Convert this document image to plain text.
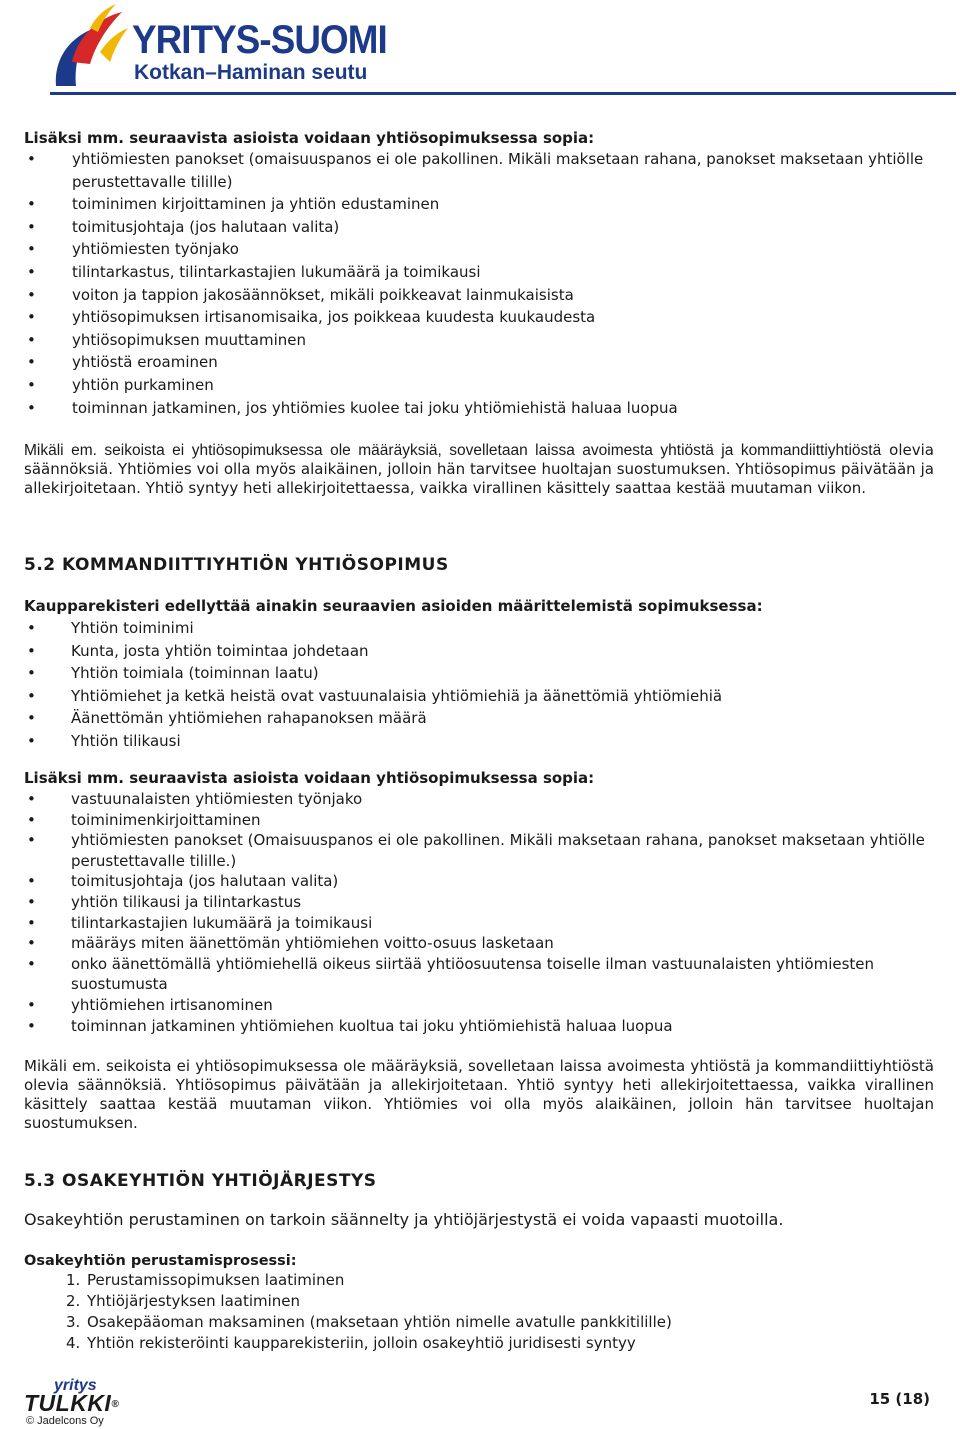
YRITYS-SUOMI
Kotkan–Haminan seutu

Lisäksi mm. seuraavista asioista voidaan yhtiösopimuksessa sopia:

• yhtiömiesten panokset (omaisuuspanos ei ole pakollinen. Mikäli maksetaan rahana, panokset maksetaan yhtiölle perustettavalle tilille)
• toiminimen kirjoittaminen ja yhtiön edustaminen
• toimitusjohtaja (jos halutaan valita)
• yhtiömiesten työnjako
• tilintarkastus, tilintarkastajien lukumäärä ja toimikausi
• voiton ja tappion jakosäännökset, mikäli poikkeavat lainmukaisista
• yhtiösopimuksen irtisanomisaika, jos poikkeaa kuudesta kuukaudesta
• yhtiösopimuksen muuttaminen
• yhtiöstä eroaminen
• yhtiön purkaminen
• toiminnan jatkaminen, jos yhtiömies kuolee tai joku yhtiömiehistä haluaa luopua

Mikäli em. seikoista ei yhtiösopimuksessa ole määräyksiä, sovelletaan laissa avoimesta yhtiöstä ja kommandiittiyhtiöstä olevia säännöksiä. Yhtiömies voi olla myös alaikäinen, jolloin hän tarvitsee huoltajan suostumuksen. Yhtiösopimus päivätään ja allekirjoitetaan. Yhtiö syntyy heti allekirjoitettaessa, vaikka virallinen käsittely saattaa kestää muutaman viikon.

5.2 KOMMANDIITTIYHTIÖN YHTIÖSOPIMUS

Kaupparekisteri edellyttää ainakin seuraavien asioiden määrittelemistä sopimuksessa:

• Yhtiön toiminimi
• Kunta, josta yhtiön toimintaa johdetaan
• Yhtiön toimiala (toiminnan laatu)
• Yhtiömiehet ja ketkä heistä ovat vastuunalaisia yhtiömiehiä ja äänettömiä yhtiömiehiä
• Äänettömän yhtiömiehen rahapanoksen määrä
• Yhtiön tilikausi

Lisäksi mm. seuraavista asioista voidaan yhtiösopimuksessa sopia:

• vastuunalaisten yhtiömiesten työnjako
• toiminimenkirjoittaminen
• yhtiömiesten panokset (Omaisuuspanos ei ole pakollinen. Mikäli maksetaan rahana, panokset maksetaan yhtiölle perustettavalle tilille.)
• toimitusjohtaja (jos halutaan valita)
• yhtiön tilikausi ja tilintarkastus
• tilintarkastajien lukumäärä ja toimikausi
• määräys miten äänettömän yhtiömiehen voitto-osuus lasketaan
• onko äänettömällä yhtiömiehellä oikeus siirtää yhtiöosuutensa toiselle ilman vastuunalaisten yhtiömiesten suostumusta
• yhtiömiehen irtisanominen
• toiminnan jatkaminen yhtiömiehen kuoltua tai joku yhtiömiehistä haluaa luopua

Mikäli em. seikoista ei yhtiösopimuksessa ole määräyksiä, sovelletaan laissa avoimesta yhtiöstä ja kommandiittiyhtiöstä olevia säännöksiä. Yhtiösopimus päivätään ja allekirjoitetaan. Yhtiö syntyy heti allekirjoitettaessa, vaikka virallinen käsittely saattaa kestää muutaman viikon. Yhtiömies voi olla myös alaikäinen, jolloin hän tarvitsee huoltajan suostumuksen.

5.3 OSAKEYHTIÖN YHTIÖJÄRJESTYS

Osakeyhtiön perustaminen on tarkoin säännelty ja yhtiöjärjestystä ei voida vapaasti muotoilla.

Osakeyhtiön perustamisprosessi:

1. Perustamissopimuksen laatiminen
2. Yhtiöjärjestyksen laatiminen
3. Osakepääoman maksaminen (maksetaan yhtiön nimelle avatulle pankkitilille)
4. Yhtiön rekisteröinti kaupparekisteriin, jolloin osakeyhtiö juridisesti syntyy
yritys
TULKKI®
© Jadelcons Oy
15 (18)
